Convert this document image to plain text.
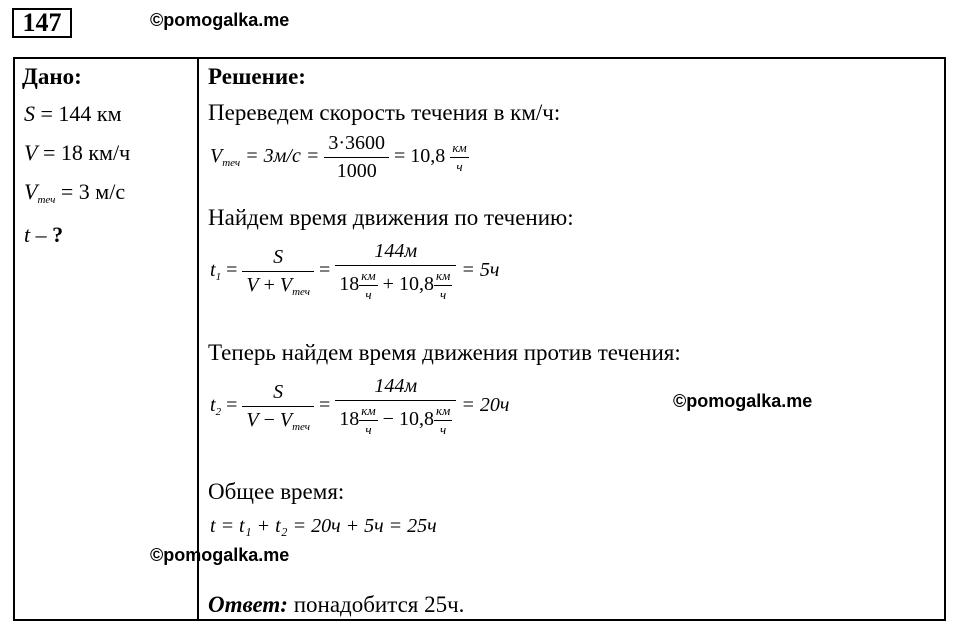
147	©pomogalka.me
Дано:
S = 144 км
V = 18 км/ч
$V_{теч} = 3$ м/с
t – ?
Решение:
Переведем скорость течения в км/ч:
$V_{теч} = 3м/с = \frac{3\cdot 3600}{1000} = 10,8$ км
ч
Найдем время движения по течению:
$t_1 = \frac{S}{V + V_{теч}} = 144м$
18 км
ч + 10,8 км
ч = 5ч
Теперь найдем время движения против течения:
$t_2 = \frac{S}{V - V_{теч}} = 144м$
18 км
ч − 10,8 км
ч = 20ч	©pomogalka.me
Общее время:
t = t₁ + t₂ = 20ч + 5ч = 25ч
©pomogalka.me
Ответ: понадобится 25ч.
